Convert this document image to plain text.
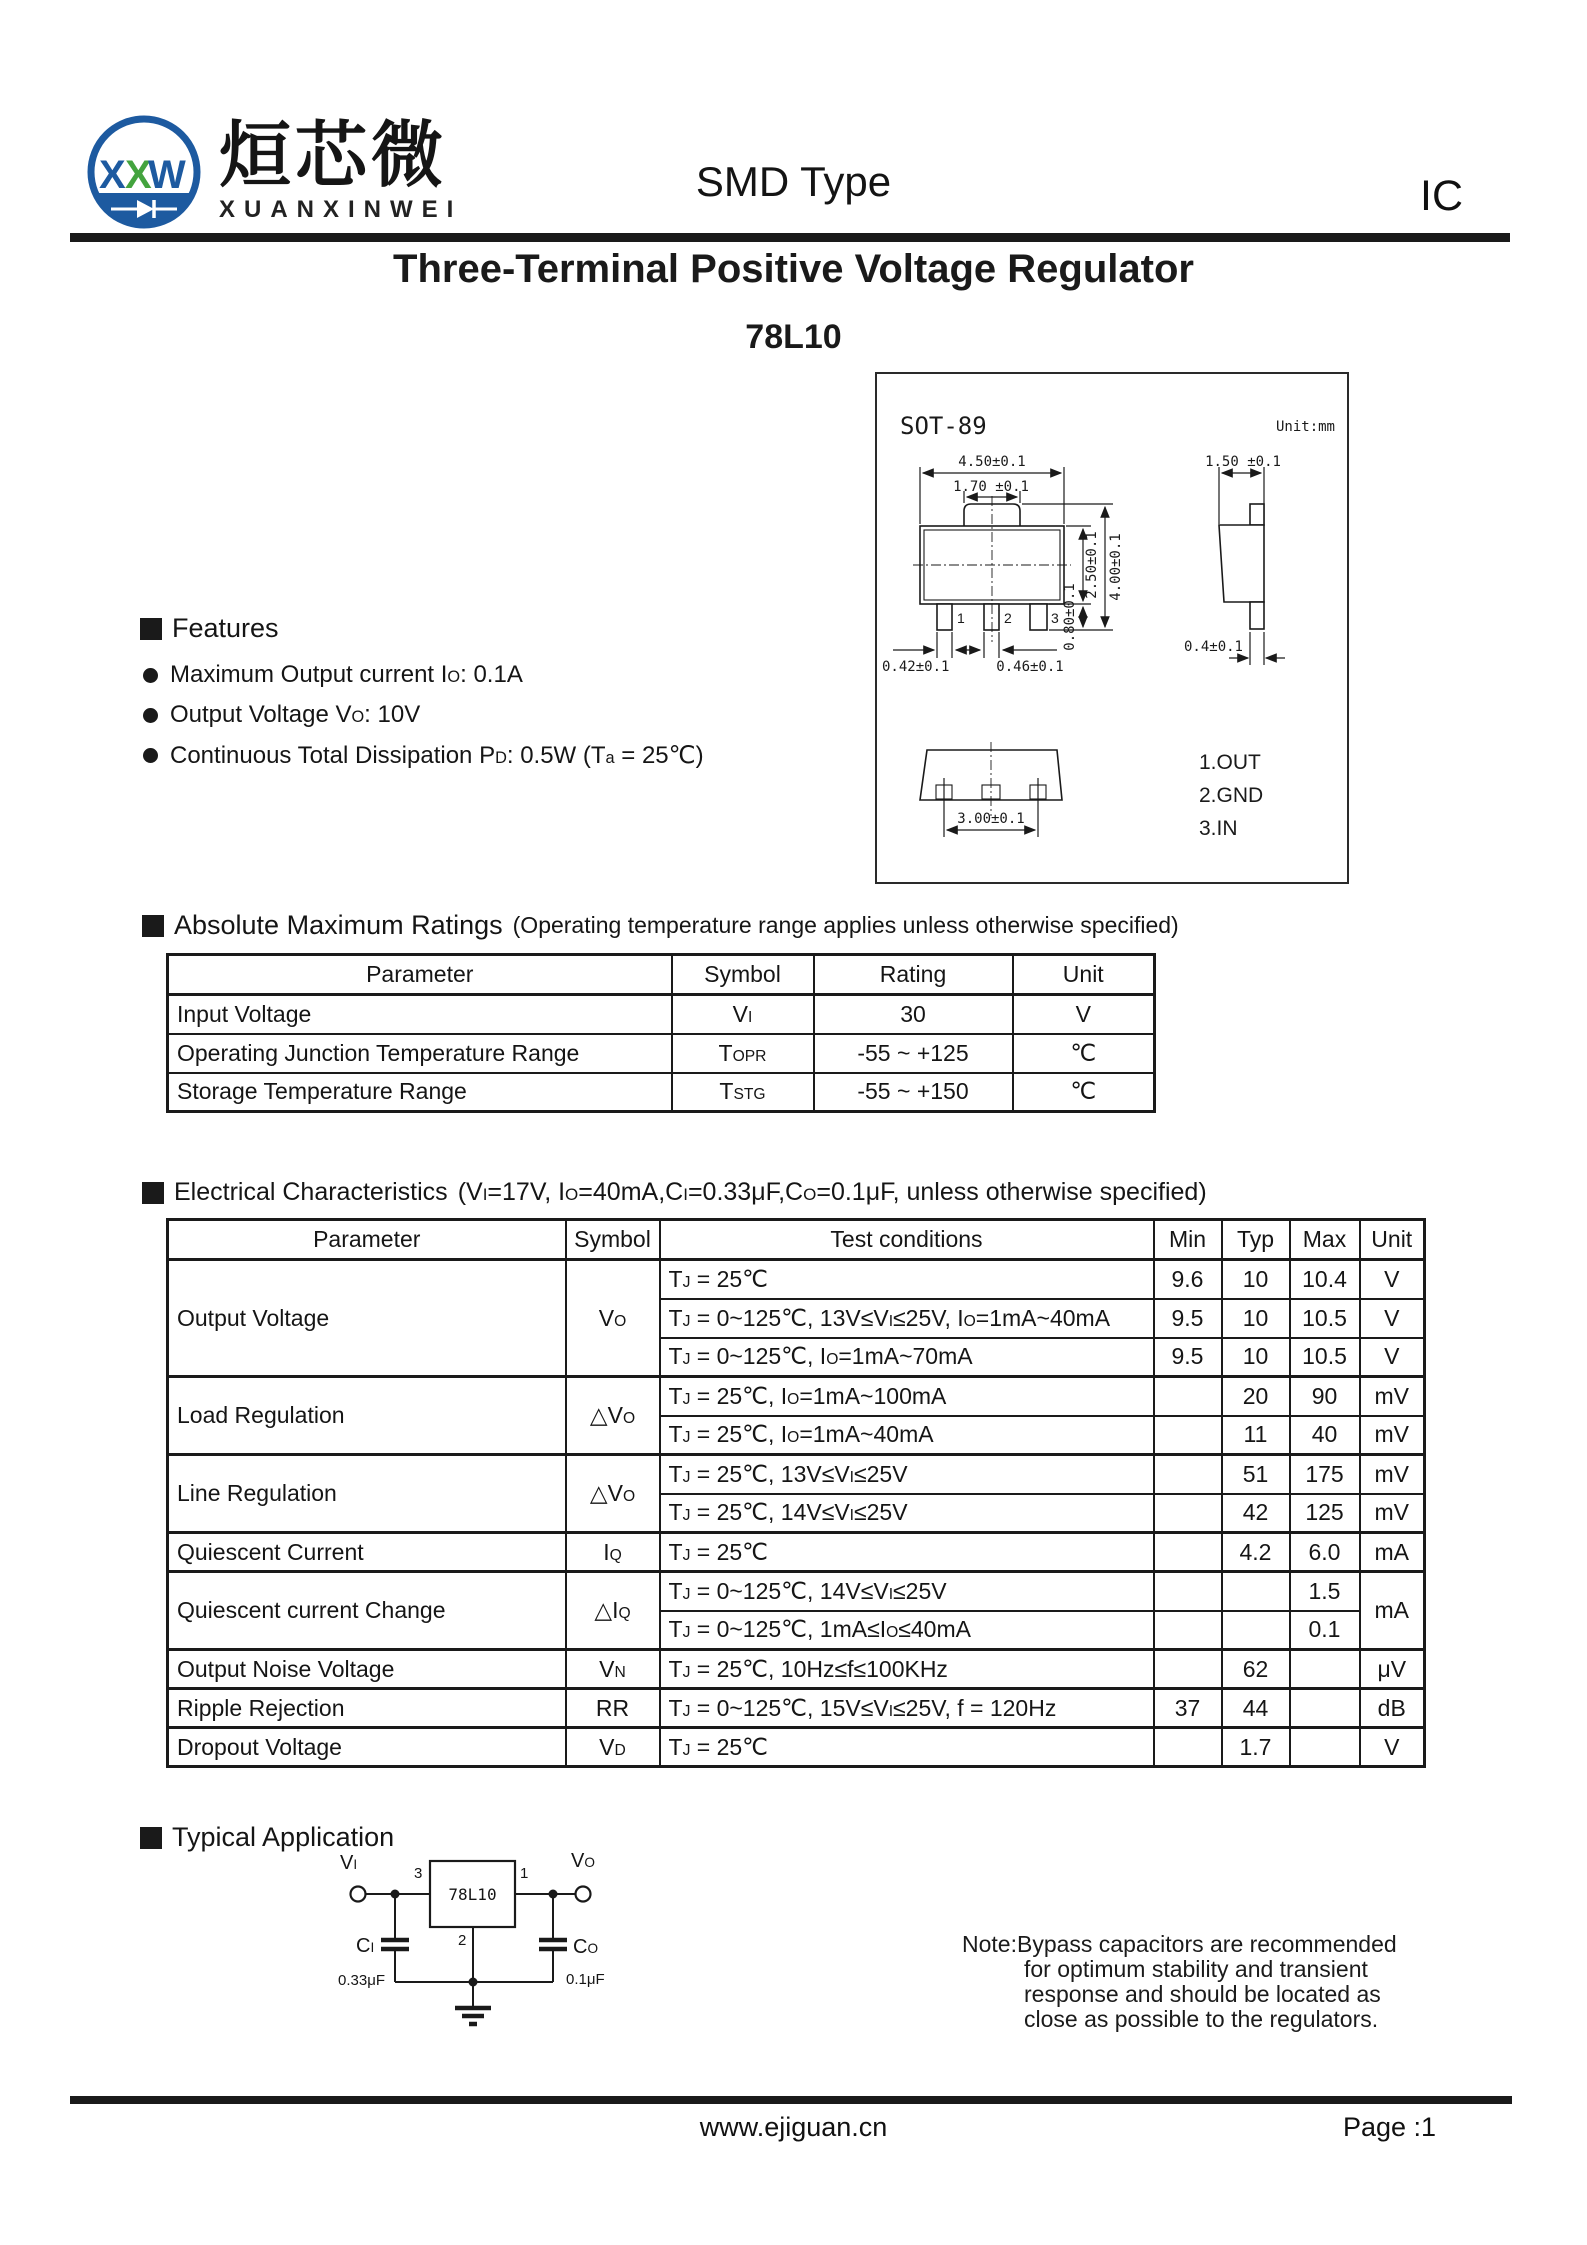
X X
W 烜芯微
XUANXINWEI
SMD Type	IC
Three-Terminal Positive Voltage Regulator
78L10
SOT-89	Unit:mm
4.50±0.1
1.70 ±0.1
1	2	3
2.50±0.1 4.00±0.1
0.80±0.1
0.42±0.1	0.46±0.1
1.50 ±0.1
0.4±0.1
3.00±0.1
1.OUT
2.GND
3.IN
Features
Maximum Output current IO: 0.1A
Output Voltage VO: 10V
Continuous Total Dissipation PD: 0.5W (Ta = 25℃)
Absolute Maximum Ratings (Operating temperature range applies unless otherwise specified)
Parameter	Symbol	Rating	Unit
Input Voltage	VI	30	V
Operating Junction Temperature Range	TOPR	-55 ~ +125	℃
Storage Temperature Range	TSTG	-55 ~ +150	℃
Electrical Characteristics (VI=17V, IO=40mA,CI=0.33μF,CO=0.1μF, unless otherwise specified)
Parameter	Symbol	Test conditions	Min	Typ	Max	Unit
Output Voltage	VO	TJ = 25℃	9.6	10	10.4	V
		TJ = 0~125℃, 13V≤VI≤25V, IO=1mA~40mA	9.5	10	10.5	V
		TJ = 0~125℃, IO=1mA~70mA	9.5	10	10.5	V
Load Regulation	△VO	TJ = 25℃, IO=1mA~100mA		20	90	mV
		TJ = 25℃, IO=1mA~40mA		11	40	mV
Line Regulation	△VO	TJ = 25℃, 13V≤VI≤25V		51	175	mV
		TJ = 25℃, 14V≤VI≤25V		42	125	mV
Quiescent Current	IQ	TJ = 25℃		4.2	6.0	mA
Quiescent current Change	△IQ	TJ = 0~125℃, 14V≤VI≤25V			1.5	mA
		TJ = 0~125℃, 1mA≤IO≤40mA			0.1	
Output Noise Voltage	VN	TJ = 25℃, 10Hz≤f≤100KHz		62		μV
Ripple Rejection	RR	TJ = 0~125℃, 15V≤VI≤25V, f = 120Hz	37	44		dB
Dropout Voltage	VD	TJ = 25℃		1.7		V
Typical Application
VI	VO
3	1
2
78L10
CI	CO
0.33μF	0.1μF
Note:Bypass capacitors are recommended
for optimum stability and transient
response and should be located as
close as possible to the regulators.
www.ejiguan.cn	Page :1
